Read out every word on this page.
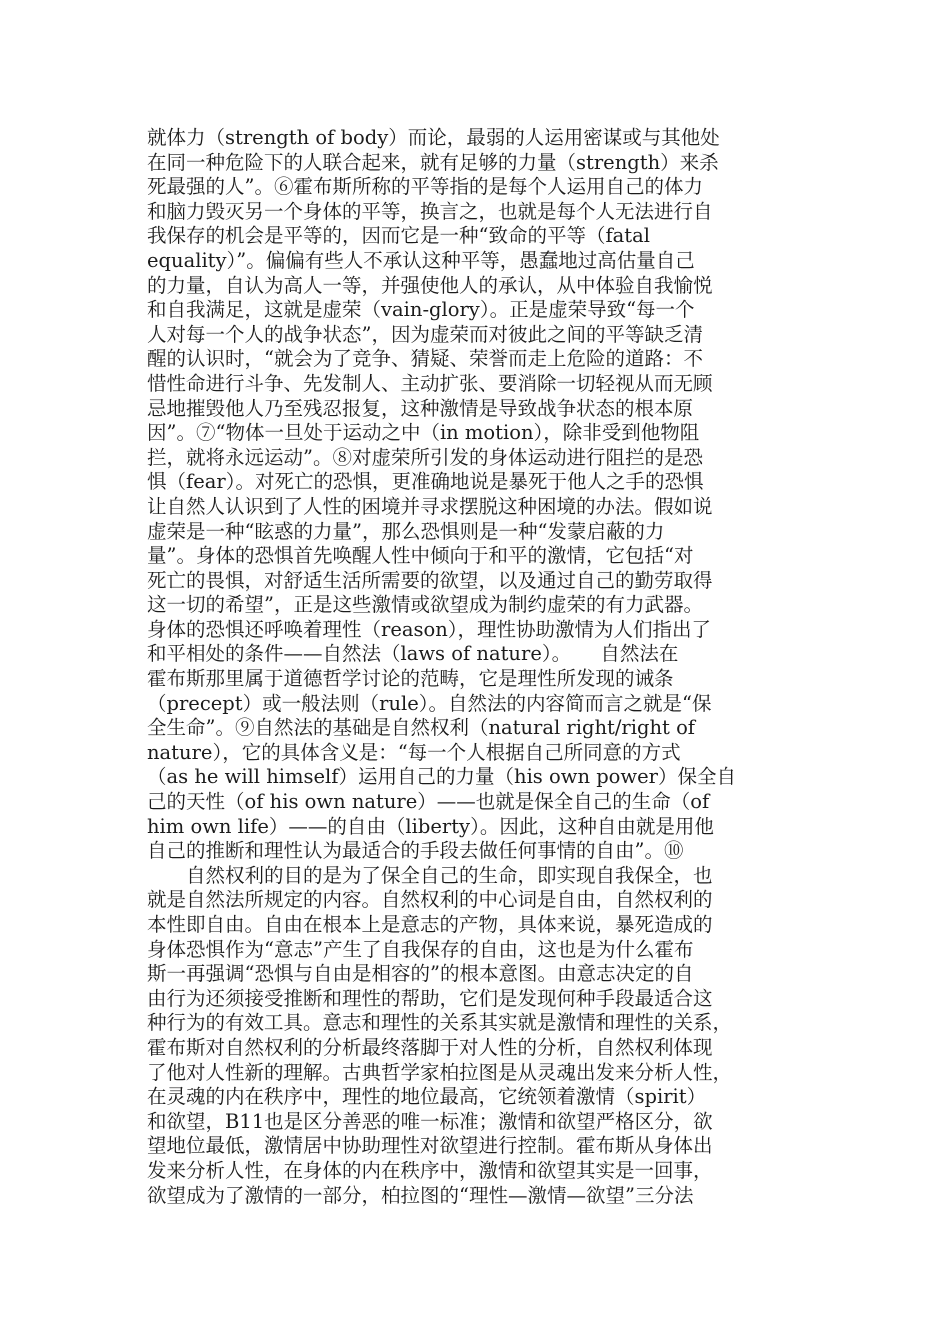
就体力（strength of body）而论，最弱的人运用密谋或与其他处
在同一种危险下的人联合起来，就有足够的力量（strength）来杀
死最强的人”。⑥霍布斯所称的平等指的是每个人运用自己的体力
和脑力毁灭另一个身体的平等，换言之，也就是每个人无法进行自
我保存的机会是平等的，因而它是一种“致命的平等（fatal
equality）”。偏偏有些人不承认这种平等，愚蠢地过高估量自己
的力量，自认为高人一等，并强使他人的承认，从中体验自我愉悦
和自我满足，这就是虚荣（vain-glory）。正是虚荣导致“每一个
人对每一个人的战争状态”，因为虚荣而对彼此之间的平等缺乏清
醒的认识时，“就会为了竞争、猜疑、荣誉而走上危险的道路：不
惜性命进行斗争、先发制人、主动扩张、要消除一切轻视从而无顾
忌地摧毁他人乃至残忍报复，这种激情是导致战争状态的根本原
因”。⑦“物体一旦处于运动之中（in motion），除非受到他物阻
拦，就将永远运动”。⑧对虚荣所引发的身体运动进行阻拦的是恐
惧（fear）。对死亡的恐惧，更准确地说是暴死于他人之手的恐惧
让自然人认识到了人性的困境并寻求摆脱这种困境的办法。假如说
虚荣是一种“眩惑的力量”，那么恐惧则是一种“发蒙启蔽的力
量”。身体的恐惧首先唤醒人性中倾向于和平的激情，它包括“对
死亡的畏惧，对舒适生活所需要的欲望，以及通过自己的勤劳取得
这一切的希望”，正是这些激情或欲望成为制约虚荣的有力武器。
身体的恐惧还呼唤着理性（reason），理性协助激情为人们指出了
和平相处的条件——自然法（laws of nature）。　　自然法在
霍布斯那里属于道德哲学讨论的范畴，它是理性所发现的诫条
（precept）或一般法则（rule）。自然法的内容简而言之就是“保
全生命”。⑨自然法的基础是自然权利（natural right/right of
nature），它的具体含义是：“每一个人根据自己所同意的方式
（as he will himself）运用自己的力量（his own power）保全自
己的天性（of his own nature）——也就是保全自己的生命（of
him own life）——的自由（liberty）。因此，这种自由就是用他
自己的推断和理性认为最适合的手段去做任何事情的自由”。⑩
　　自然权利的目的是为了保全自己的生命，即实现自我保全，也
就是自然法所规定的内容。自然权利的中心词是自由，自然权利的
本性即自由。自由在根本上是意志的产物，具体来说，暴死造成的
身体恐惧作为“意志”产生了自我保存的自由，这也是为什么霍布
斯一再强调“恐惧与自由是相容的”的根本意图。由意志决定的自
由行为还须接受推断和理性的帮助，它们是发现何种手段最适合这
种行为的有效工具。意志和理性的关系其实就是激情和理性的关系，
霍布斯对自然权利的分析最终落脚于对人性的分析，自然权利体现
了他对人性新的理解。古典哲学家柏拉图是从灵魂出发来分析人性，
在灵魂的内在秩序中，理性的地位最高，它统领着激情（spirit）
和欲望，B11也是区分善恶的唯一标准；激情和欲望严格区分，欲
望地位最低，激情居中协助理性对欲望进行控制。霍布斯从身体出
发来分析人性，在身体的内在秩序中，激情和欲望其实是一回事，
欲望成为了激情的一部分，柏拉图的“理性—激情—欲望”三分法
